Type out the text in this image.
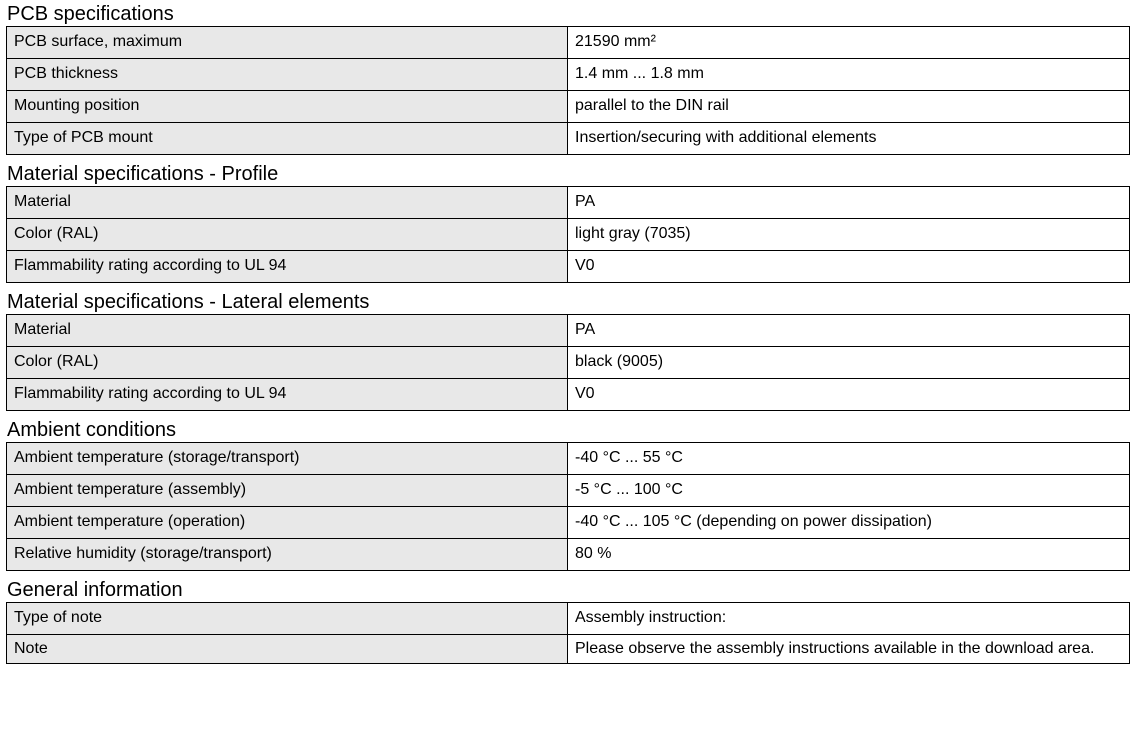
PCB specifications
PCB surface, maximum	21590 mm²
PCB thickness	1.4 mm ... 1.8 mm
Mounting position	parallel to the DIN rail
Type of PCB mount	Insertion/securing with additional elements
Material specifications - Profile
Material	PA
Color (RAL)	light gray (7035)
Flammability rating according to UL 94	V0
Material specifications - Lateral elements
Material	PA
Color (RAL)	black (9005)
Flammability rating according to UL 94	V0
Ambient conditions
Ambient temperature (storage/transport)	-40 °C ... 55 °C
Ambient temperature (assembly)	-5 °C ... 100 °C
Ambient temperature (operation)	-40 °C ... 105 °C (depending on power dissipation)
Relative humidity (storage/transport)	80 %
General information
Type of note	Assembly instruction:
Note	Please observe the assembly instructions available in the download area.
